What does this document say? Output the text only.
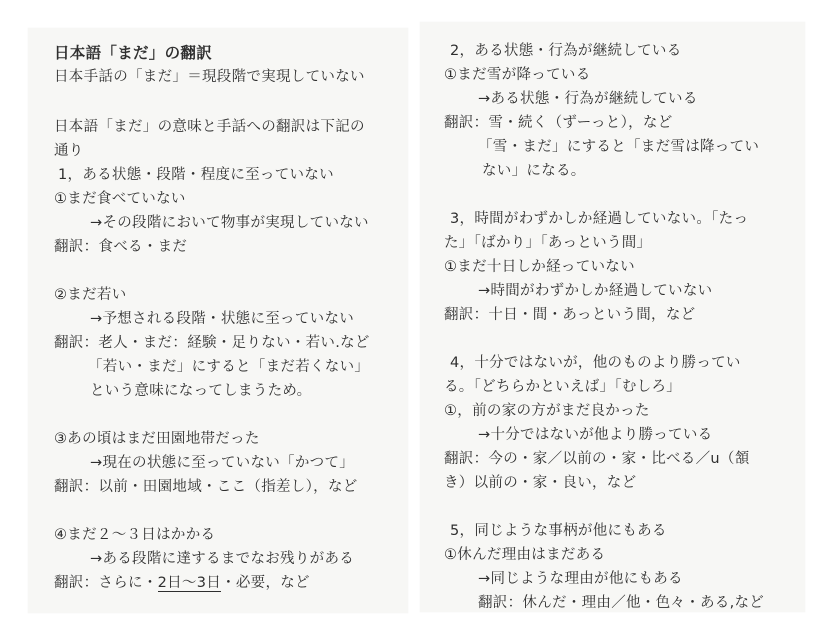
日本語「まだ」の翻訳
日本手話の「まだ」＝現段階で実現していない
日本語「まだ」の意味と手話への翻訳は下記の
通り
1，ある状態・段階・程度に至っていない
①まだ食べていない
→その段階において物事が実現していない
翻訳：食べる・まだ
②まだ若い
→予想される段階・状態に至っていない
翻訳：老人・まだ：経験・足りない・若い.など
「若い・まだ」にすると「まだ若くない」
という意味になってしまうため。
③あの頃はまだ田園地帯だった
→現在の状態に至っていない「かつて」
翻訳：以前・田園地域・ここ（指差し），など
④まだ２～３日はかかる
→ある段階に達するまでなお残りがある
翻訳：さらに・2日～3日・必要，など
2，ある状態・行為が継続している
①まだ雪が降っている
→ある状態・行為が継続している
翻訳：雪・続く（ずーっと），など
「雪・まだ」にすると「まだ雪は降ってい
ない」になる。
3，時間がわずかしか経過していない。「たっ
た」「ばかり」「あっという間」
①まだ十日しか経っていない
→時間がわずかしか経過していない
翻訳：十日・間・あっという間，など
4，十分ではないが，他のものより勝ってい
る。「どちらかといえば」「むしろ」
①，前の家の方がまだ良かった
→十分ではないが他より勝っている
翻訳：今の・家／以前の・家・比べる／u（頷
き）以前の・家・良い，など
5，同じような事柄が他にもある
①休んだ理由はまだある
→同じような理由が他にもある
翻訳：休んだ・理由／他・色々・ある,など
